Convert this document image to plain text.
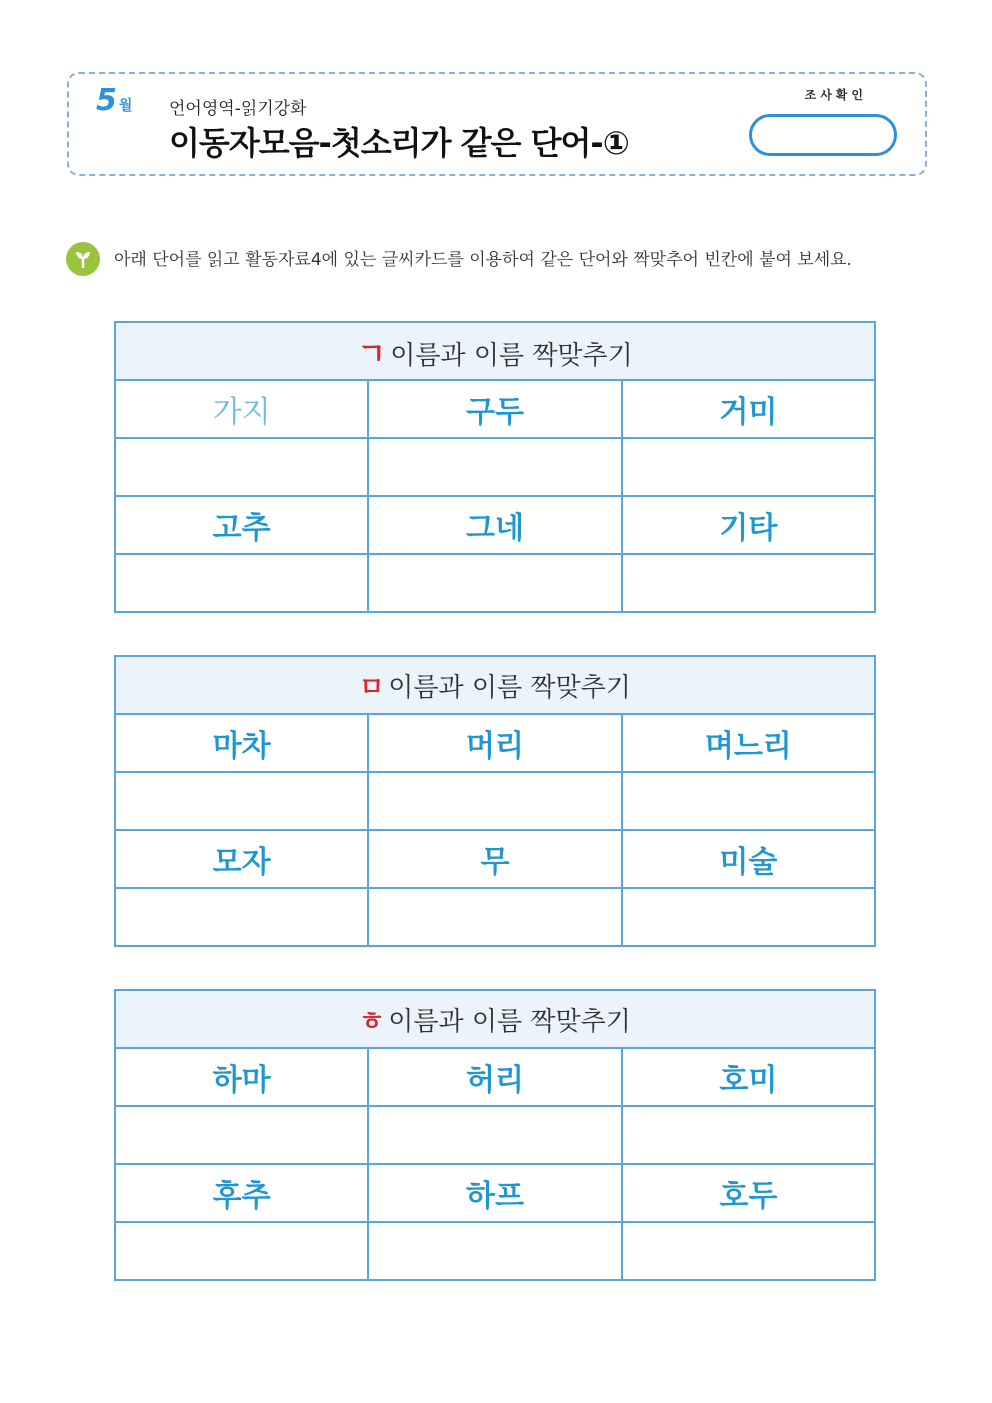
5 월 언어영역-읽기강화
이동자모음-첫소리가 같은 단어-①
조사확인
아래 단어를 읽고 활동자료4에 있는 글씨카드를 이용하여 같은 단어와 짝맞추어 빈칸에 붙여 보세요.
ㄱ 이름과 이름 짝맞추기		
가지	구두	거미

고추	그네	기타

ㅁ 이름과 이름 짝맞추기		
마차	머리	며느리

모자	무	미술

ㅎ 이름과 이름 짝맞추기		
하마	허리	호미

후추	하프	호두
